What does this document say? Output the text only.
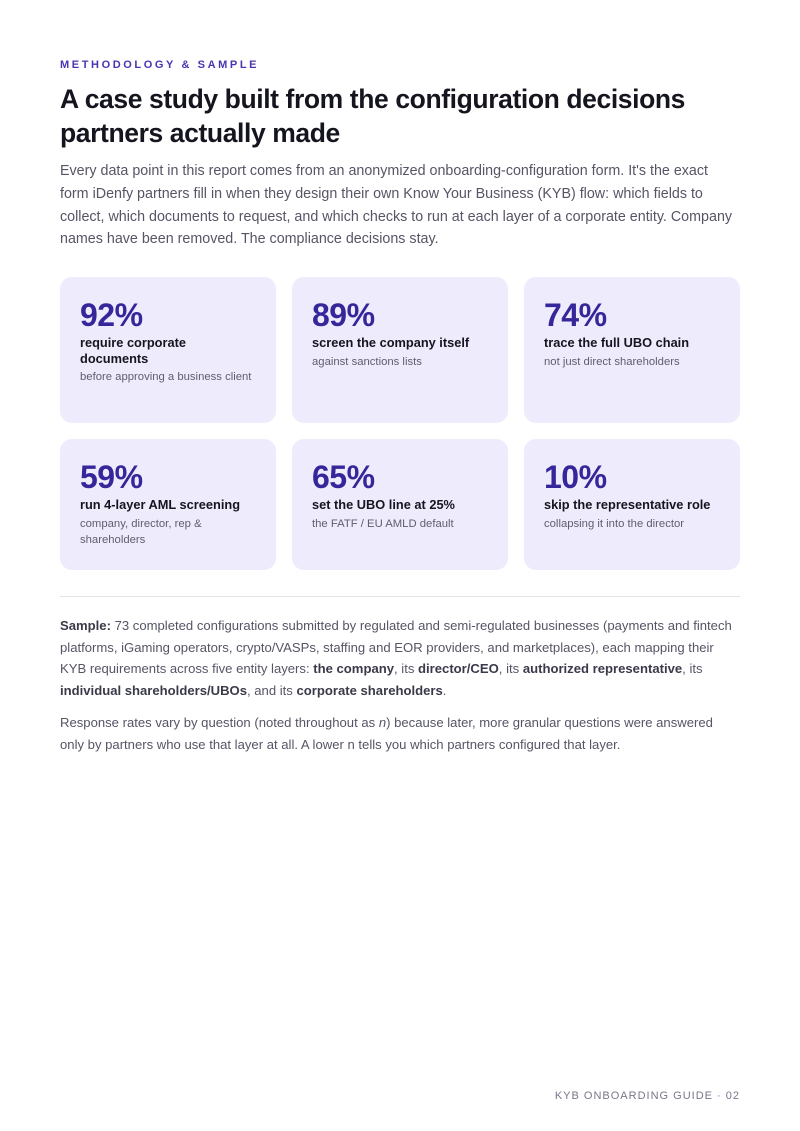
METHODOLOGY & SAMPLE
A case study built from the configuration decisions partners actually made

Every data point in this report comes from an anonymized onboarding-configuration form. It's the exact form iDenfy partners fill in when they design their own Know Your Business (KYB) flow: which fields to collect, which documents to request, and which checks to run at each layer of a corporate entity. Company names have been removed. The compliance decisions stay.

92%
require corporate documents
before approving a business client
89%
screen the company itself
against sanctions lists
74%
trace the full UBO chain
not just direct shareholders
59%
run 4-layer AML screening
company, director, rep & shareholders
65%
set the UBO line at 25%
the FATF / EU AMLD default
10%
skip the representative role
collapsing it into the director

Sample: 73 completed configurations submitted by regulated and semi-regulated businesses (payments and fintech platforms, iGaming operators, crypto/VASPs, staffing and EOR providers, and marketplaces), each mapping their KYB requirements across five entity layers: the company, its director/CEO, its authorized representative, its individual shareholders/UBOs, and its corporate shareholders.

Response rates vary by question (noted throughout as n) because later, more granular questions were answered only by partners who use that layer at all. A lower n tells you which partners configured that layer.

KYB ONBOARDING GUIDE · 02
